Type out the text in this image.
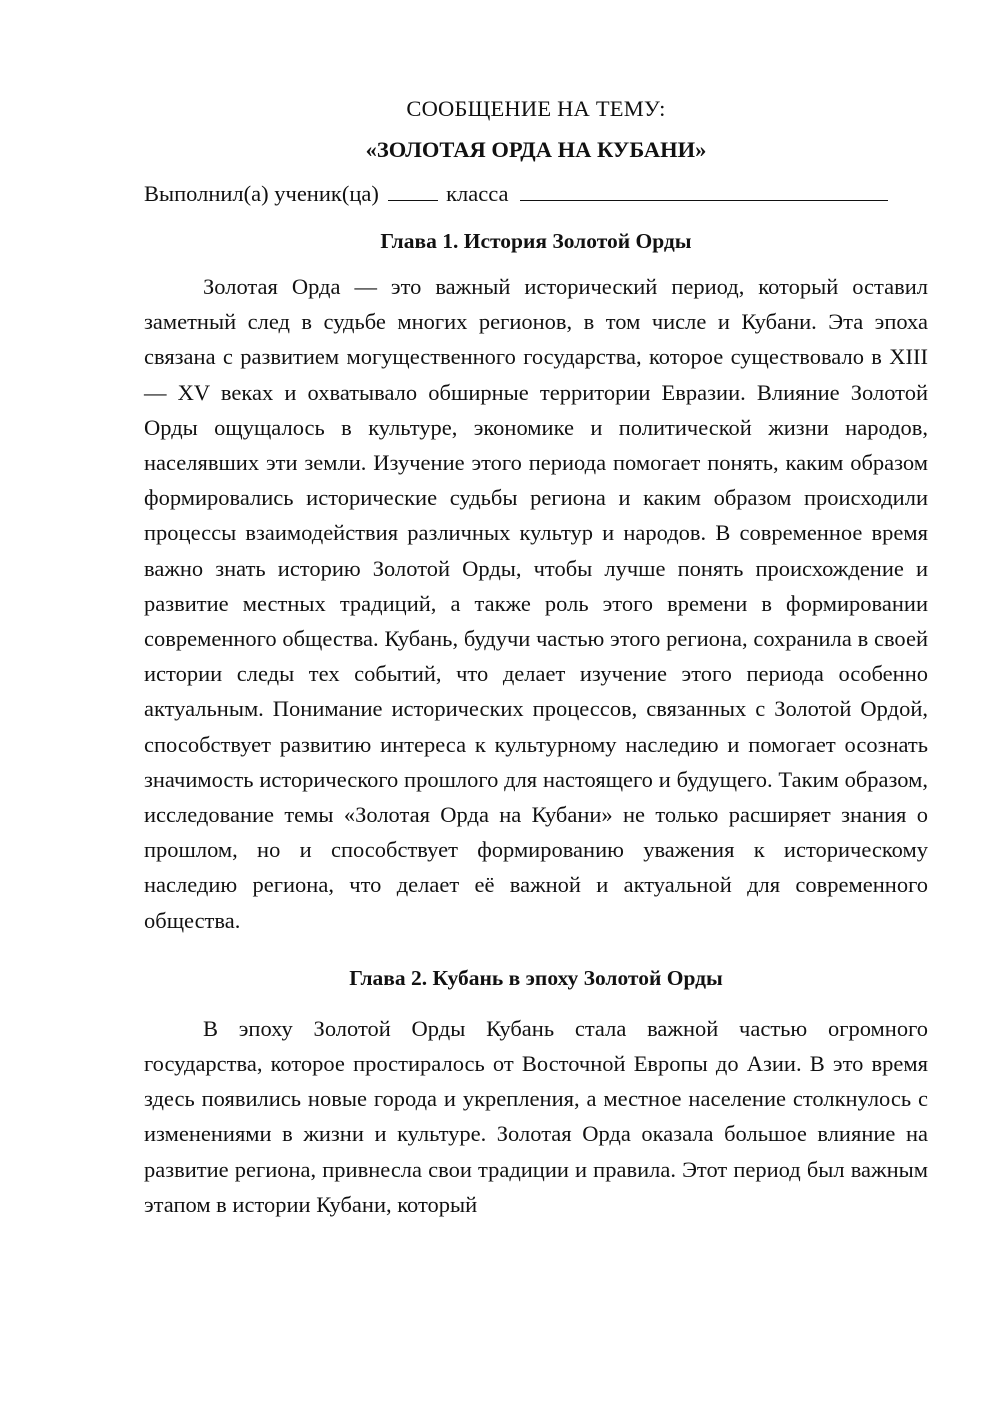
СООБЩЕНИЕ НА ТЕМУ:
«ЗОЛОТАЯ ОРДА НА КУБАНИ»

Выполнил(а) ученик(ца)	класса

Глава 1. История Золотой Орды

Золотая Орда — это важный исторический период, который оставил заметный след в судьбе многих регионов, в том числе и Кубани. Эта эпоха связана с развитием могущественного государства, которое существовало в XIII — XV веках и охватывало обширные территории Евразии. Влияние Золотой Орды ощущалось в культуре, экономике и политической жизни народов, населявших эти земли. Изучение этого периода помогает понять, каким образом формировались исторические судьбы региона и каким образом происходили процессы взаимодействия различных культур и народов. В современное время важно знать историю Золотой Орды, чтобы лучше понять происхождение и развитие местных традиций, а также роль этого времени в формировании современного общества. Кубань, будучи частью этого региона, сохранила в своей истории следы тех событий, что делает изучение этого периода особенно актуальным. Понимание исторических процессов, связанных с Золотой Ордой, способствует развитию интереса к культурному наследию и помогает осознать значимость исторического прошлого для настоящего и будущего. Таким образом, исследование темы «Золотая Орда на Кубани» не только расширяет знания о прошлом, но и способствует формированию уважения к историческому наследию региона, что делает её важной и актуальной для современного общества.

Глава 2. Кубань в эпоху Золотой Орды

В эпоху Золотой Орды Кубань стала важной частью огромного государства, которое простиралось от Восточной Европы до Азии. В это время здесь появились новые города и укрепления, а местное население столкнулось с изменениями в жизни и культуре. Золотая Орда оказала большое влияние на развитие региона, привнесла свои традиции и правила. Этот период был важным этапом в истории Кубани, который
